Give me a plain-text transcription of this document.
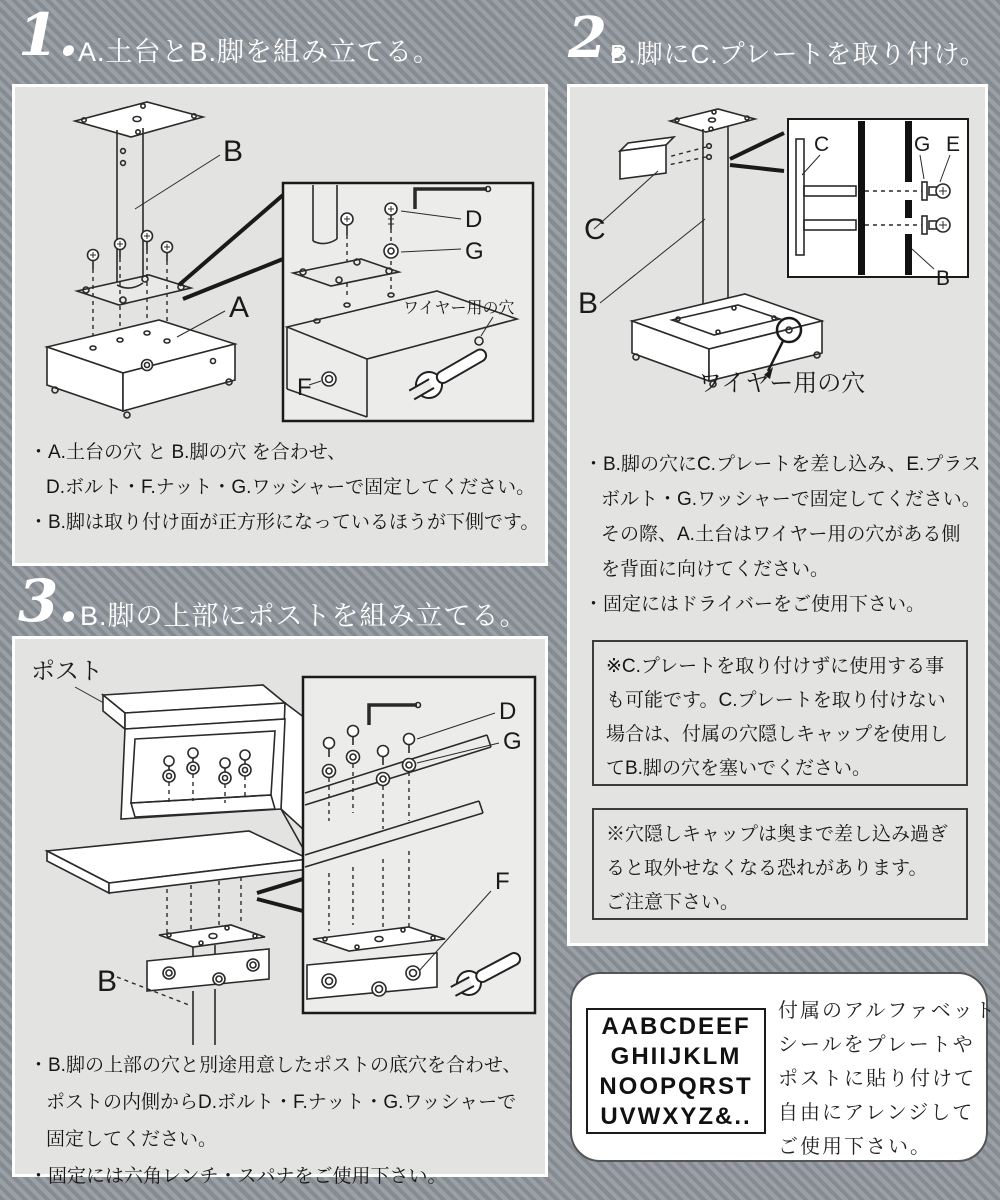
1. A.土台とB.脚を組み立てる。 2.
B.脚にC.プレートを取り付け。
3. B.脚の上部にポストを組み立てる。
B
A
D
G
ワイヤー用の穴
F
・A.土台の穴 と B.脚の穴 を合わせ、
D.ボルト・F.ナット・G.ワッシャーで固定してください。
・B.脚は取り付け面が正方形になっているほうが下側です。
C
B
ワイヤー用の穴
C	G E
B
・B.脚の穴にC.プレートを差し込み、E.プラス
ボルト・G.ワッシャーで固定してください。
その際、A.土台はワイヤー用の穴がある側
を背面に向けてください。
・固定にはドライバーをご使用下さい。
※C.プレートを取り付けずに使用する事
も可能です。C.プレートを取り付けない
場合は、付属の穴隠しキャップを使用し
てB.脚の穴を塞いでください。
※穴隠しキャップは奥まで差し込み過ぎ
ると取外せなくなる恐れがあります。
ご注意下さい。
ポスト
B
D
G
F
・B.脚の上部の穴と別途用意したポストの底穴を合わせ、
ポストの内側からD.ボルト・F.ナット・G.ワッシャーで
固定してください。
・固定には六角レンチ・スパナをご使用下さい。
AABCDEEF
GHIIJKLM
NOOPQRST
UVWXYZ&..
付属のアルファベット
シールをプレートや
ポストに貼り付けて
自由にアレンジして
ご使用下さい。
